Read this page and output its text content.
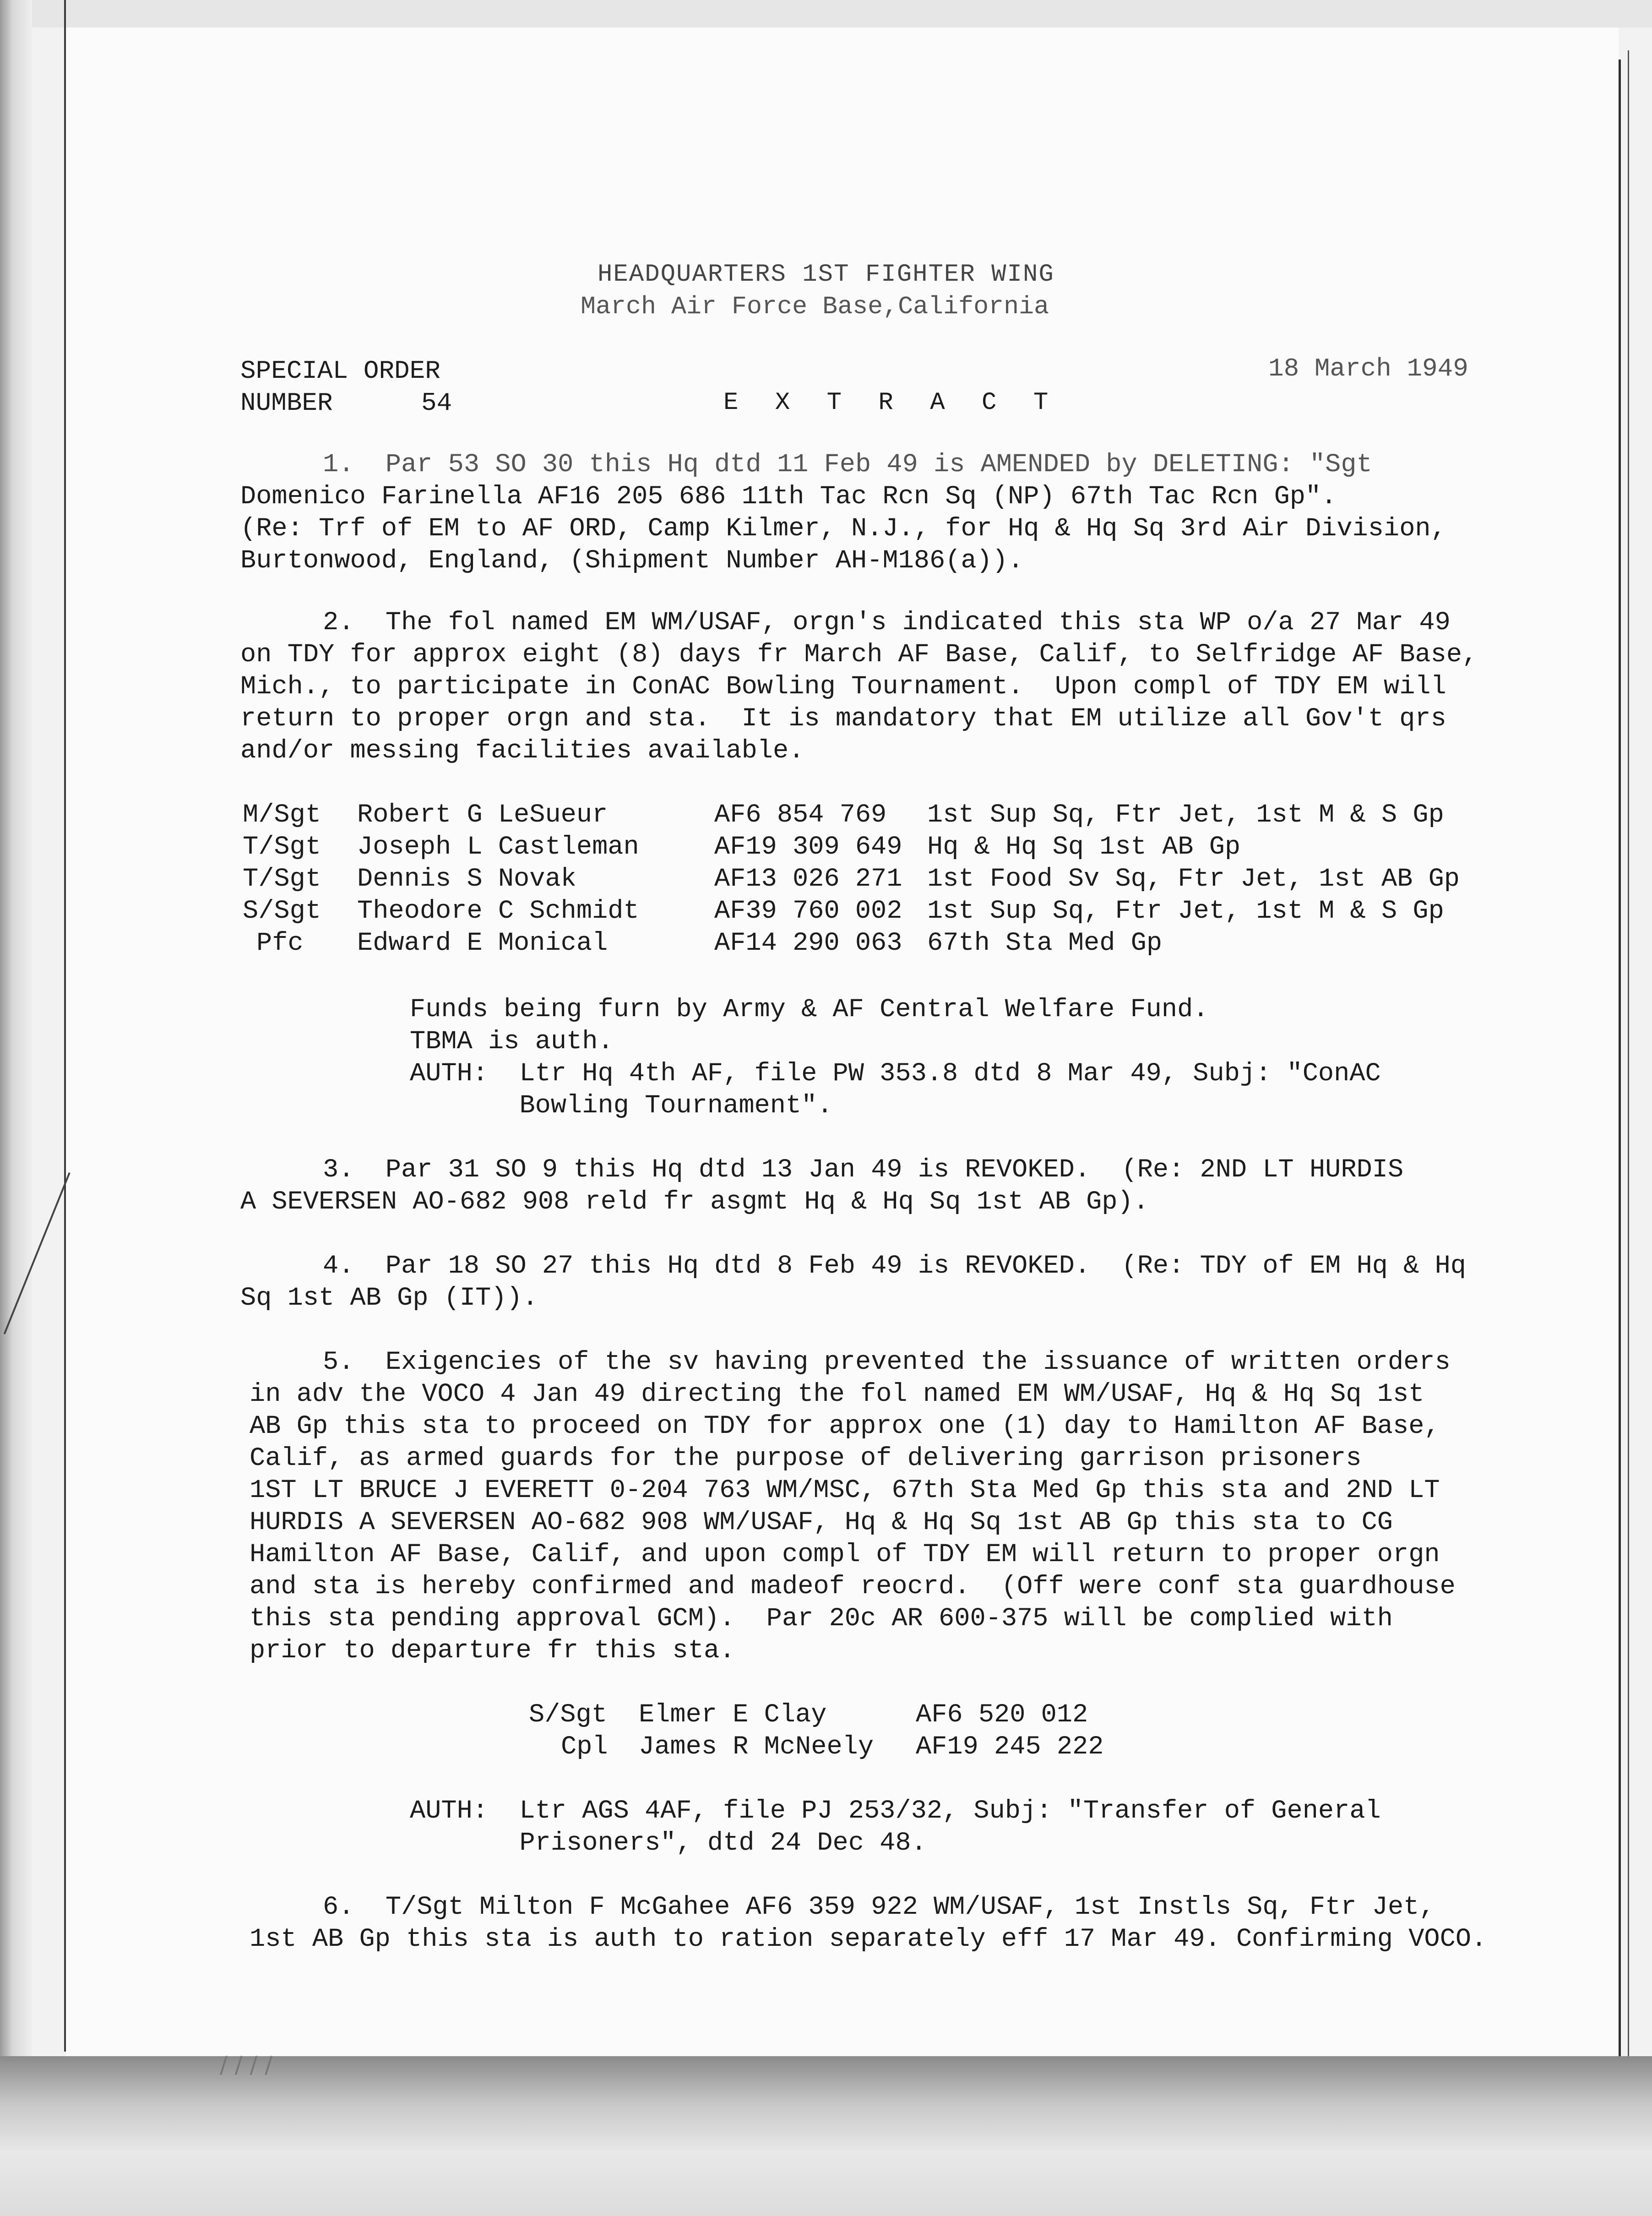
/ / / /
HEADQUARTERS 1ST FIGHTER WING
March Air Force Base,California
SPECIAL ORDER
NUMBER	54
18 March 1949
E X T R A C T
1.  Par 53 SO 30 this Hq dtd 11 Feb 49 is AMENDED by DELETING: "Sgt
Domenico Farinella AF16 205 686 11th Tac Rcn Sq (NP) 67th Tac Rcn Gp".
(Re: Trf of EM to AF ORD, Camp Kilmer, N.J., for Hq & Hq Sq 3rd Air Division,
Burtonwood, England, (Shipment Number AH-M186(a)).
2.  The fol named EM WM/USAF, orgn's indicated this sta WP o/a 27 Mar 49
on TDY for approx eight (8) days fr March AF Base, Calif, to Selfridge AF Base,
Mich., to participate in ConAC Bowling Tournament.  Upon compl of TDY EM will
return to proper orgn and sta.  It is mandatory that EM utilize all Gov't qrs
and/or messing facilities available.
M/Sgt Robert G LeSueur	AF6 854 769 1st Sup Sq, Ftr Jet, 1st M & S Gp
T/Sgt Joseph L Castleman	AF19 309 649 Hq & Hq Sq 1st AB Gp
T/Sgt Dennis S Novak	AF13 026 271 1st Food Sv Sq, Ftr Jet, 1st AB Gp
S/Sgt Theodore C Schmidt	AF39 760 002 1st Sup Sq, Ftr Jet, 1st M & S Gp
Pfc Edward E Monical	AF14 290 063 67th Sta Med Gp
Funds being furn by Army & AF Central Welfare Fund.
TBMA is auth.
AUTH:  Ltr Hq 4th AF, file PW 353.8 dtd 8 Mar 49, Subj: "ConAC
Bowling Tournament".
3.  Par 31 SO 9 this Hq dtd 13 Jan 49 is REVOKED.  (Re: 2ND LT HURDIS
A SEVERSEN AO-682 908 reld fr asgmt Hq & Hq Sq 1st AB Gp).
4.  Par 18 SO 27 this Hq dtd 8 Feb 49 is REVOKED.  (Re: TDY of EM Hq & Hq
Sq 1st AB Gp (IT)).
5.  Exigencies of the sv having prevented the issuance of written orders
in adv the VOCO 4 Jan 49 directing the fol named EM WM/USAF, Hq & Hq Sq 1st
AB Gp this sta to proceed on TDY for approx one (1) day to Hamilton AF Base,
Calif, as armed guards for the purpose of delivering garrison prisoners
1ST LT BRUCE J EVERETT 0-204 763 WM/MSC, 67th Sta Med Gp this sta and 2ND LT
HURDIS A SEVERSEN AO-682 908 WM/USAF, Hq & Hq Sq 1st AB Gp this sta to CG
Hamilton AF Base, Calif, and upon compl of TDY EM will return to proper orgn
and sta is hereby confirmed and madeof reocrd.  (Off were conf sta guardhouse
this sta pending approval GCM).  Par 20c AR 600-375 will be complied with
prior to departure fr this sta.
S/Sgt Elmer E Clay	AF6 520 012
Cpl James R McNeely AF19 245 222
AUTH:  Ltr AGS 4AF, file PJ 253/32, Subj: "Transfer of General
Prisoners", dtd 24 Dec 48.
6.  T/Sgt Milton F McGahee AF6 359 922 WM/USAF, 1st Instls Sq, Ftr Jet,
1st AB Gp this sta is auth to ration separately eff 17 Mar 49. Confirming VOCO.
